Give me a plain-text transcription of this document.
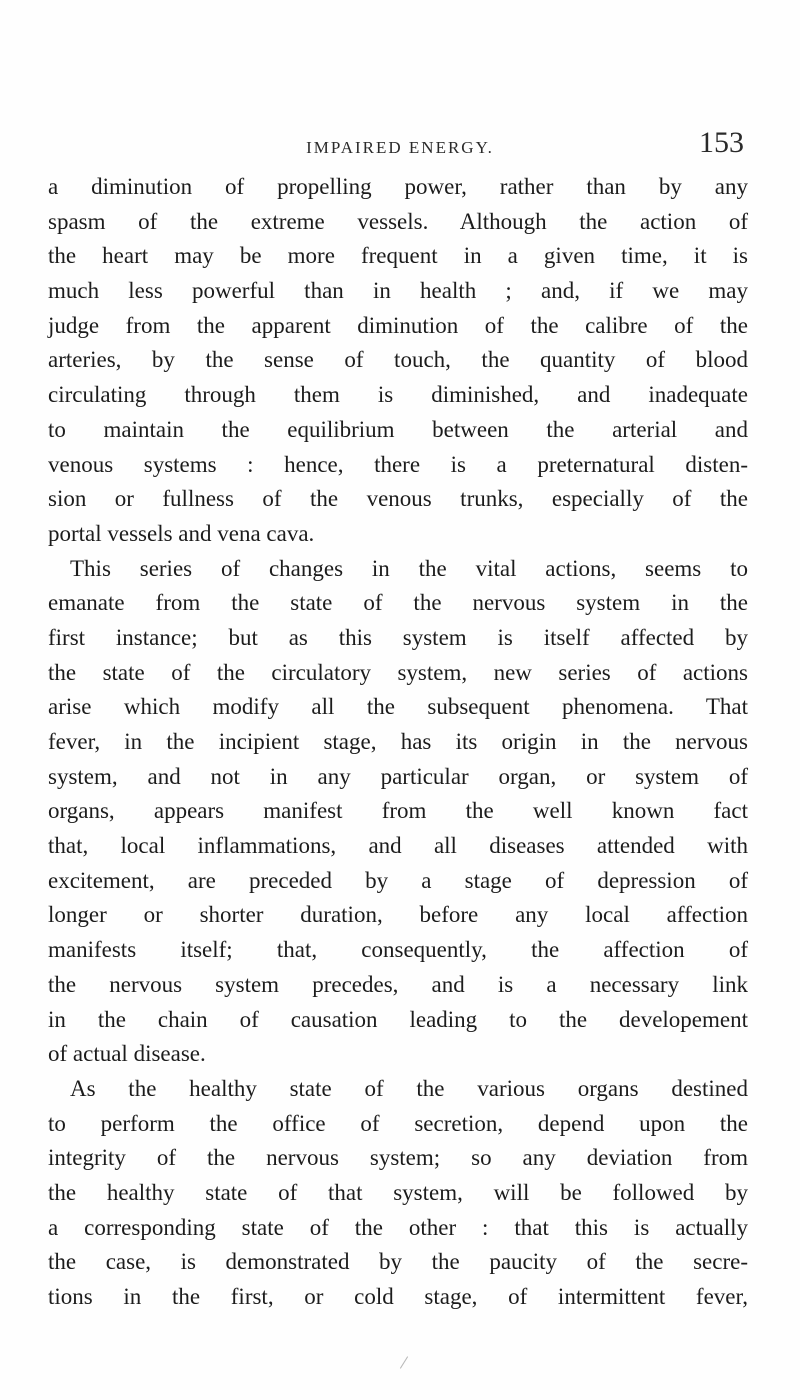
IMPAIRED ENERGY.	153
a diminution of propelling power, rather than by any
spasm of the extreme vessels. Although the action of
the heart may be more frequent in a given time, it is
much less powerful than in health ; and, if we may
judge from the apparent diminution of the calibre of the
arteries, by the sense of touch, the quantity of blood
circulating through them is diminished, and inadequate
to maintain the equilibrium between the arterial and
venous systems : hence, there is a preternatural disten-
sion or fullness of the venous trunks, especially of the
portal vessels and vena cava.
This series of changes in the vital actions, seems to
emanate from the state of the nervous system in the
first instance; but as this system is itself affected by
the state of the circulatory system, new series of actions
arise which modify all the subsequent phenomena. That
fever, in the incipient stage, has its origin in the nervous
system, and not in any particular organ, or system of
organs, appears manifest from the well known fact
that, local inflammations, and all diseases attended with
excitement, are preceded by a stage of depression of
longer or shorter duration, before any local affection
manifests itself; that, consequently, the affection of
the nervous system precedes, and is a necessary link
in the chain of causation leading to the developement
of actual disease.
As the healthy state of the various organs destined
to perform the office of secretion, depend upon the
integrity of the nervous system; so any deviation from
the healthy state of that system, will be followed by
a corresponding state of the other : that this is actually
the case, is demonstrated by the paucity of the secre-
tions in the first, or cold stage, of intermittent fever,
